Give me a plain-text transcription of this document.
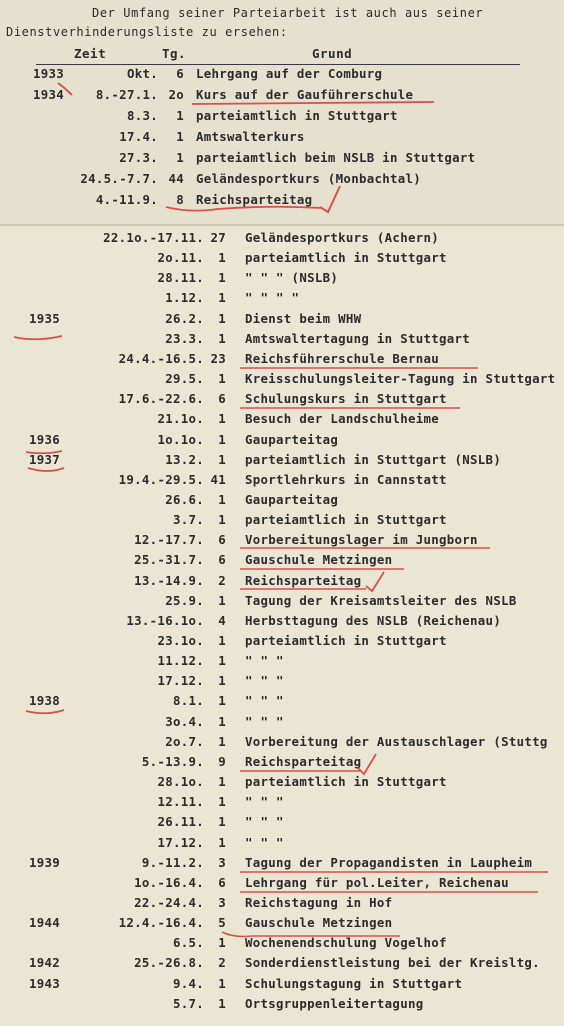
Der Umfang seiner Parteiarbeit ist auch aus seiner
Dienstverhinderungsliste zu ersehen:
Zeit	Tg.	Grund
1933	Okt.	6 Lehrgang auf der Comburg
1934	8.-27.1. 2o Kurs auf der Gauführerschule
8.3.	1 parteiamtlich in Stuttgart
17.4.	1 Amtswalterkurs
27.3.	1 parteiamtlich beim NSLB in Stuttgart
24.5.-7.7. 44 Geländesportkurs (Monbachtal)
4.-11.9.	8 Reichsparteitag
22.1o.-17.11. 27 Geländesportkurs (Achern)
2o.11.	1 parteiamtlich in Stuttgart
28.11.	1 " " " (NSLB)
1.12.	1 " " " "
1935	26.2.	1 Dienst beim WHW
23.3.	1 Amtswaltertagung in Stuttgart
24.4.-16.5. 23 Reichsführerschule Bernau
29.5.	1 Kreisschulungsleiter-Tagung in Stuttgart
17.6.-22.6.	6 Schulungskurs in Stuttgart
21.1o.	1 Besuch der Landschulheime
1936	1o.1o.	1 Gauparteitag
1937	13.2.	1 parteiamtlich in Stuttgart (NSLB)
19.4.-29.5. 41 Sportlehrkurs in Cannstatt
26.6.	1 Gauparteitag
3.7.	1 parteiamtlich in Stuttgart
12.-17.7.	6 Vorbereitungslager im Jungborn
25.-31.7.	6 Gauschule Metzingen
13.-14.9.	2 Reichsparteitag
25.9.	1 Tagung der Kreisamtsleiter des NSLB
13.-16.1o.	4 Herbsttagung des NSLB (Reichenau)
23.1o.	1 parteiamtlich in Stuttgart
11.12.	1 " " "
17.12.	1 " " "
1938	8.1.	1 " " "
3o.4.	1 " " "
2o.7.	1 Vorbereitung der Austauschlager (Stuttg
5.-13.9.	9 Reichsparteitag
28.1o.	1 parteiamtlich in Stuttgart
12.11.	1 " " "
26.11.	1 " " "
17.12.	1 " " "
1939	9.-11.2.	3 Tagung der Propagandisten in Laupheim
1o.-16.4.	6 Lehrgang für pol.Leiter, Reichenau
22.-24.4.	3 Reichstagung in Hof
1944	12.4.-16.4.	5 Gauschule Metzingen
6.5.	1 Wochenendschulung Vogelhof
1942	25.-26.8.	2 Sonderdienstleistung bei der Kreisltg.
1943	9.4.	1 Schulungstagung in Stuttgart
5.7.	1 Ortsgruppenleitertagung
